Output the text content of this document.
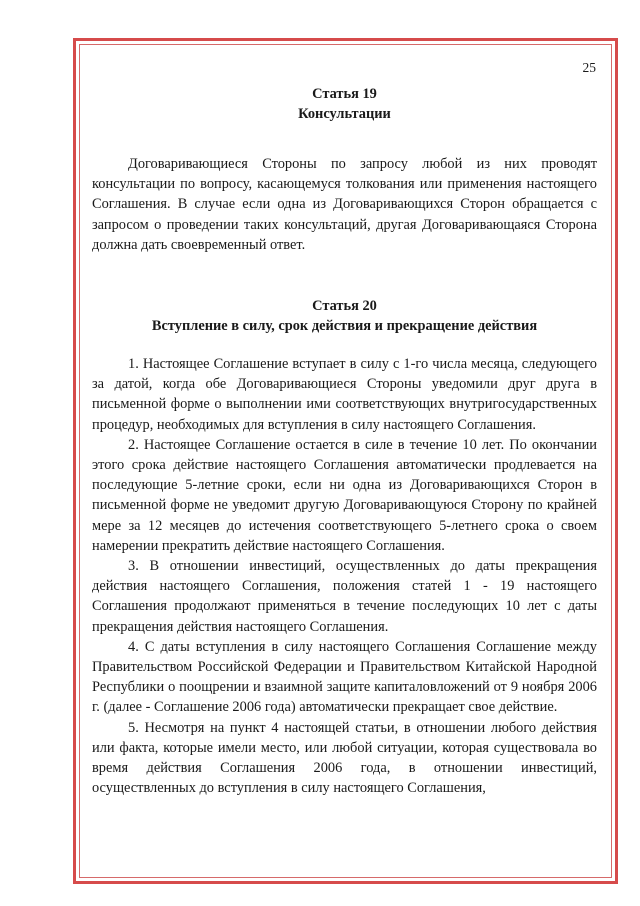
25
Статья 19
Консультации

Договаривающиеся Стороны по запросу любой из них проводят консультации по вопросу, касающемуся толкования или применения настоящего Соглашения. В случае если одна из Договаривающихся Сторон обращается с запросом о проведении таких консультаций, другая Договаривающаяся Сторона должна дать своевременный ответ.

Статья 20
Вступление в силу, срок действия и прекращение действия

1. Настоящее Соглашение вступает в силу с 1-го числа месяца, следующего за датой, когда обе Договаривающиеся Стороны уведомили друг друга в письменной форме о выполнении ими соответствующих внутригосударственных процедур, необходимых для вступления в силу настоящего Соглашения.

2. Настоящее Соглашение остается в силе в течение 10 лет. По окончании этого срока действие настоящего Соглашения автоматически продлевается на последующие 5-летние сроки, если ни одна из Договаривающихся Сторон в письменной форме не уведомит другую Договаривающуюся Сторону по крайней мере за 12 месяцев до истечения соответствующего 5-летнего срока о своем намерении прекратить действие настоящего Соглашения.

3. В отношении инвестиций, осуществленных до даты прекращения действия настоящего Соглашения, положения статей 1 - 19 настоящего Соглашения продолжают применяться в течение последующих 10 лет с даты прекращения действия настоящего Соглашения.

4. С даты вступления в силу настоящего Соглашения Соглашение между Правительством Российской Федерации и Правительством Китайской Народной Республики о поощрении и взаимной защите капиталовложений от 9 ноября 2006 г. (далее - Соглашение 2006 года) автоматически прекращает свое действие.

5. Несмотря на пункт 4 настоящей статьи, в отношении любого действия или факта, которые имели место, или любой ситуации, которая существовала во время действия Соглашения 2006 года, в отношении инвестиций, осуществленных до вступления в силу настоящего Соглашения,
